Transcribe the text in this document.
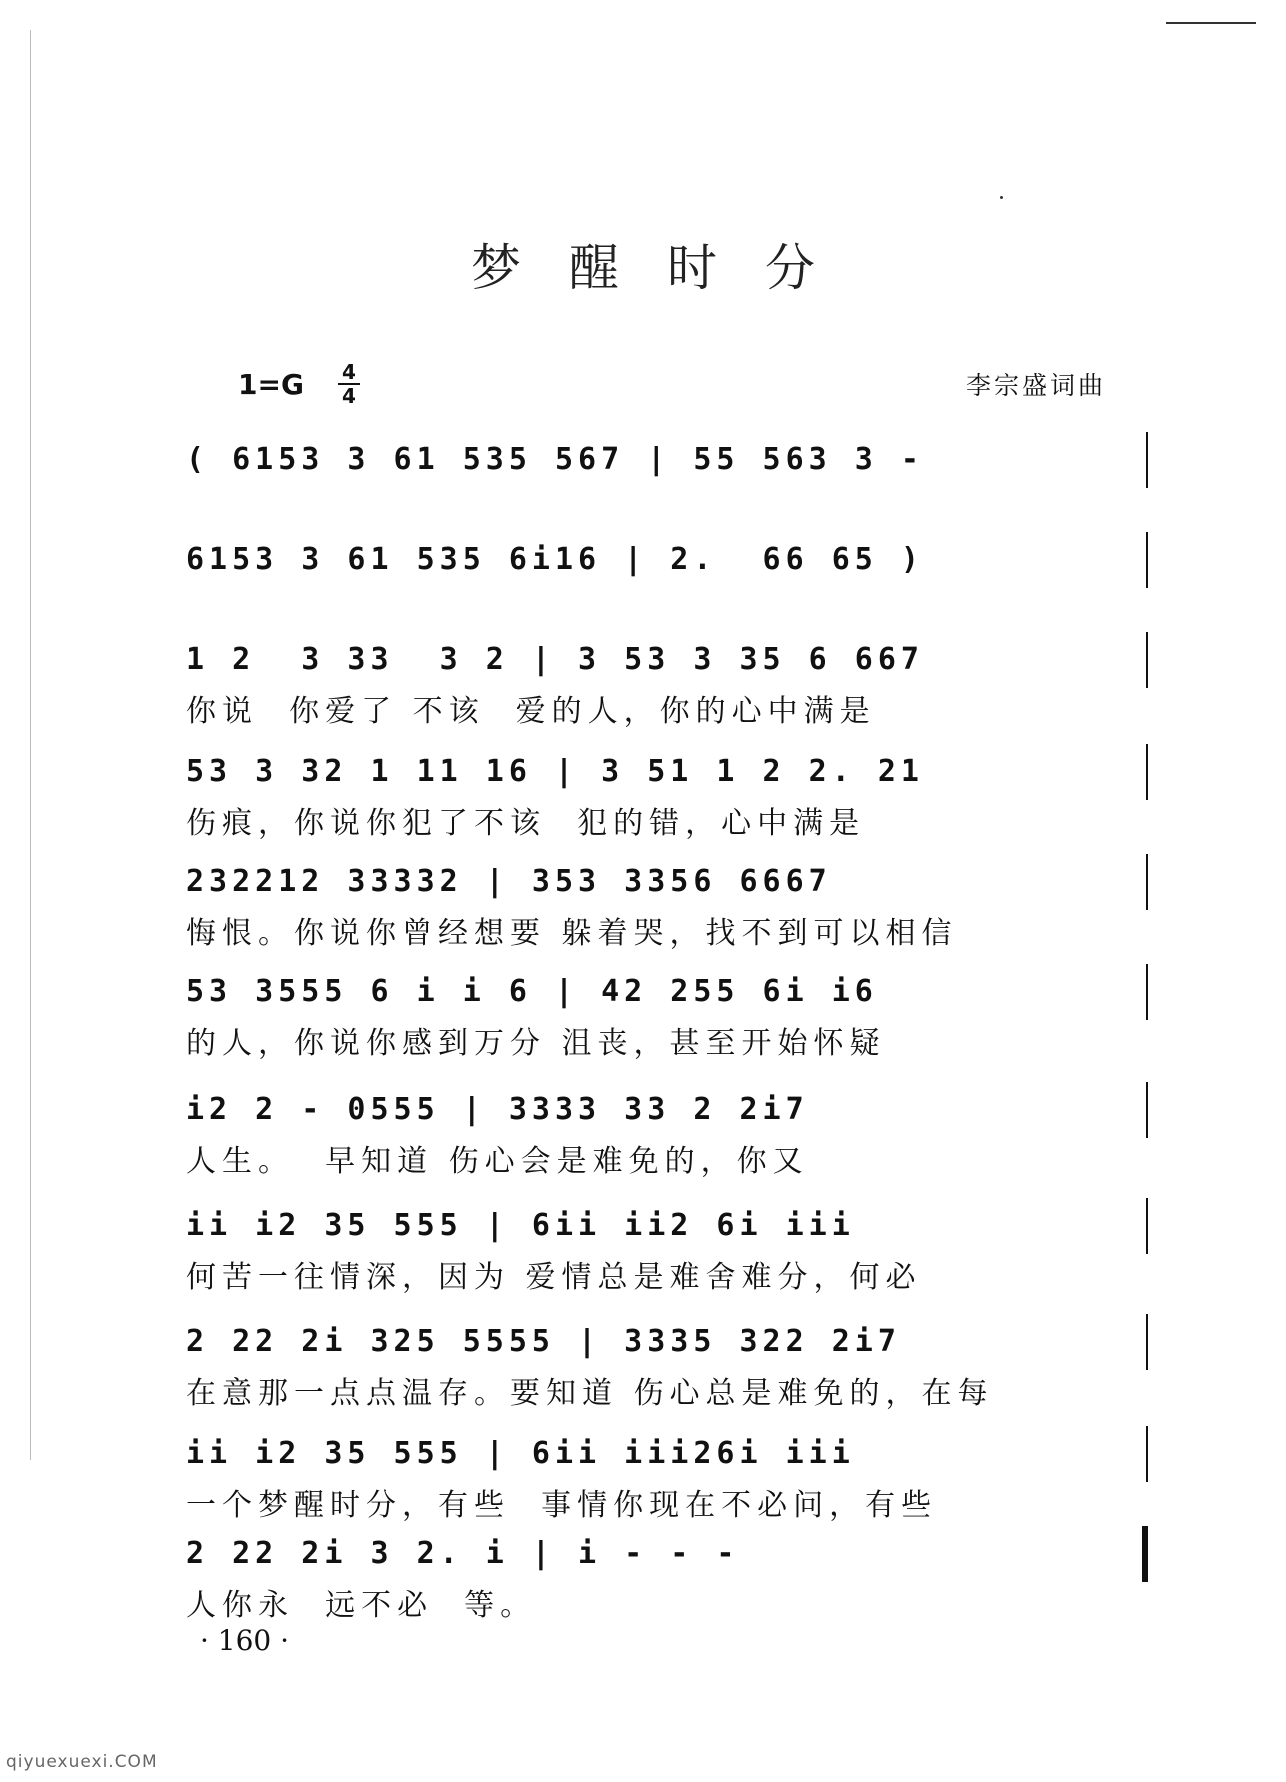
梦醒时分
1=G 4
4	李宗盛词曲
( 6153 3 61 535 567 | 55 563 3 -
6153 3 61 535 6i16 | 2.  66 65 )
1 2  3 33  3 2 | 3 53 3 35 6 667
你说  你爱了 不该  爱的人，你的心中满是
53 3 32 1 11 16 | 3 51 1 2 2. 21
伤痕，你说你犯了不该  犯的错，心中满是
232212 33332 | 353 3356 6667
悔恨。你说你曾经想要 躲着哭，找不到可以相信
53 3555 6 i i 6 | 42 255 6i i6
的人，你说你感到万分 沮丧，甚至开始怀疑
i2 2 - 0555 | 3333 33 2 2i7
人生。  早知道 伤心会是难免的，你又
ii i2 35 555 | 6ii ii2 6i iii
何苦一往情深，因为 爱情总是难舍难分，何必
2 22 2i 325 5555 | 3335 322 2i7
在意那一点点温存。要知道 伤心总是难免的，在每
ii i2 35 555 | 6ii iii26i iii
一个梦醒时分，有些  事情你现在不必问，有些
2 22 2i 3 2. i | i - - -
人你永  远不必  等。
· 160 ·
qiyuexuexi.COM
